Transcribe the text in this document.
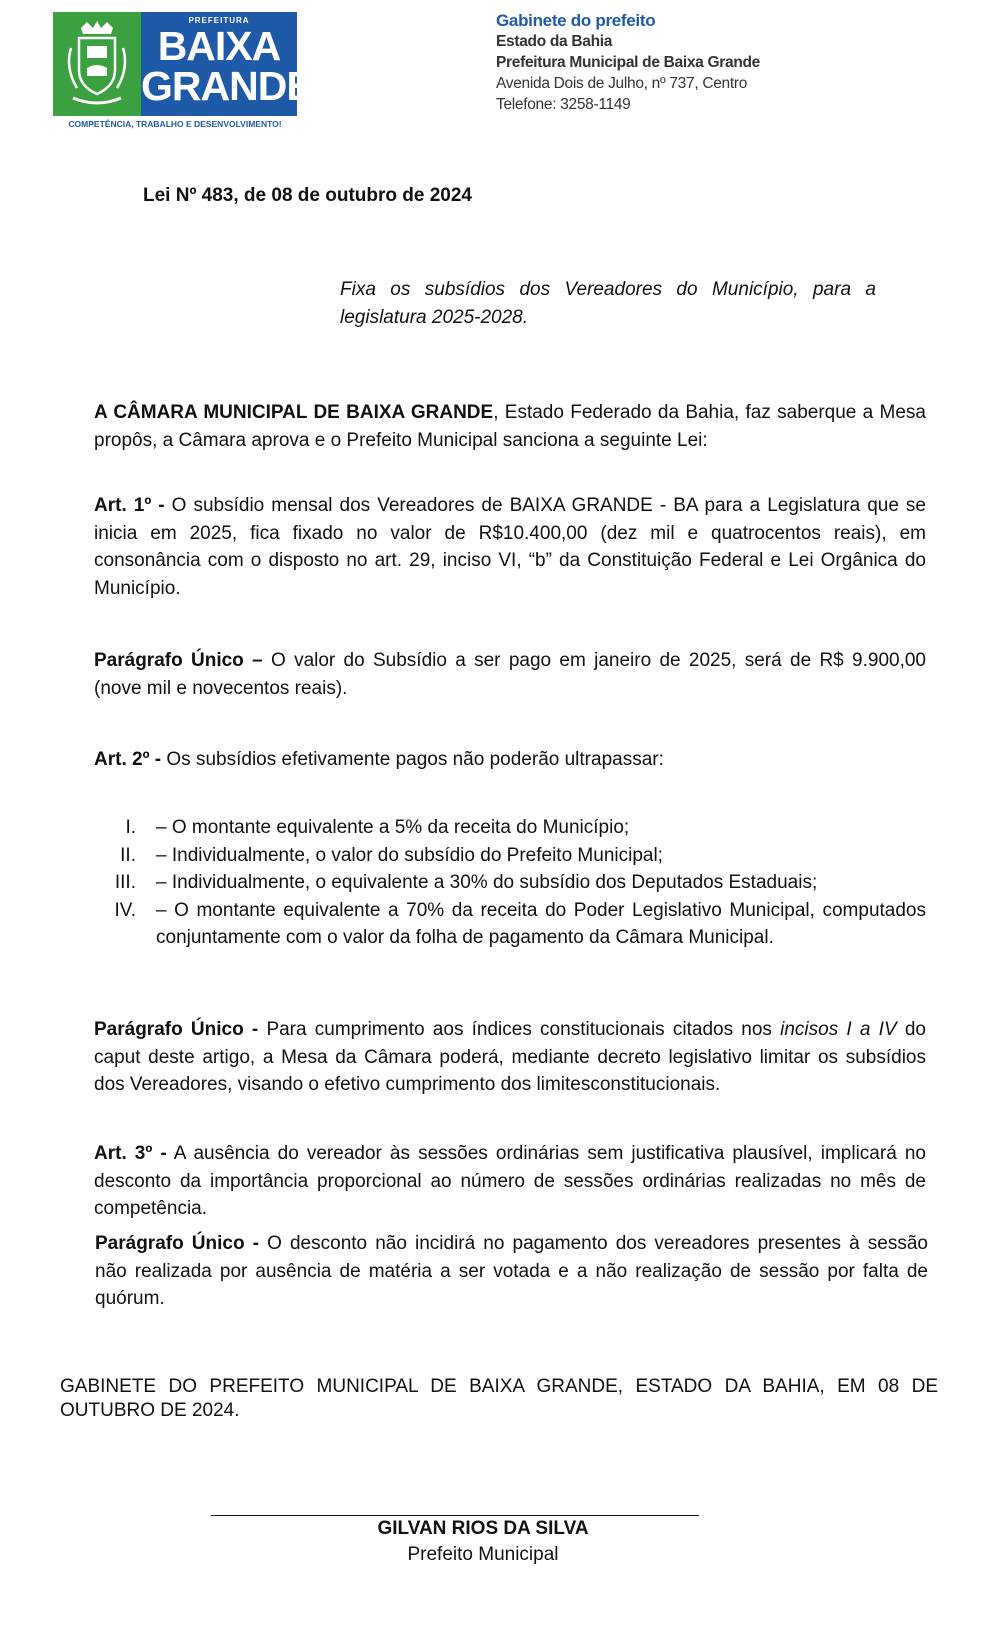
PREFEITURA
BAIXA
GRANDE
COMPETÊNCIA, TRABALHO E DESENVOLVIMENTO!
Gabinete do prefeito
Estado da Bahia
Prefeitura Municipal de Baixa Grande
Avenida Dois de Julho, nº 737, Centro
Telefone: 3258-1149
Lei Nº 483, de 08 de outubro de 2024
Fixa os subsídios dos Vereadores do Município, para a legislatura 2025-2028.
A CÂMARA MUNICIPAL DE BAIXA GRANDE, Estado Federado da Bahia, faz saberque a Mesa propôs, a Câmara aprova e o Prefeito Municipal sanciona a seguinte Lei:
Art. 1º - O subsídio mensal dos Vereadores de BAIXA GRANDE - BA para a Legislatura que se inicia em 2025, fica fixado no valor de R$10.400,00 (dez mil e quatrocentos reais), em consonância com o disposto no art. 29, inciso VI, “b” da Constituição Federal e Lei Orgânica do Município.
Parágrafo Único – O valor do Subsídio a ser pago em janeiro de 2025, será de R$ 9.900,00 (nove mil e novecentos reais).
Art. 2º - Os subsídios efetivamente pagos não poderão ultrapassar:
I.	– O montante equivalente a 5% da receita do Município;
II.	– Individualmente, o valor do subsídio do Prefeito Municipal;
III.	– Individualmente, o equivalente a 30% do subsídio dos Deputados Estaduais;
IV.	– O montante equivalente a 70% da receita do Poder Legislativo Municipal, computados conjuntamente com o valor da folha de pagamento da Câmara Municipal.
Parágrafo Único - Para cumprimento aos índices constitucionais citados nos incisos I a IV do caput deste artigo, a Mesa da Câmara poderá, mediante decreto legislativo limitar os subsídios dos Vereadores, visando o efetivo cumprimento dos limitesconstitucionais.
Art. 3º - A ausência do vereador às sessões ordinárias sem justificativa plausível, implicará no desconto da importância proporcional ao número de sessões ordinárias realizadas no mês de competência.
Parágrafo Único - O desconto não incidirá no pagamento dos vereadores presentes à sessão não realizada por ausência de matéria a ser votada e a não realização de sessão por falta de quórum.
GABINETE DO PREFEITO MUNICIPAL DE BAIXA GRANDE, ESTADO DA BAHIA, EM 08 DE OUTUBRO DE 2024.
GILVAN RIOS DA SILVA
Prefeito Municipal
